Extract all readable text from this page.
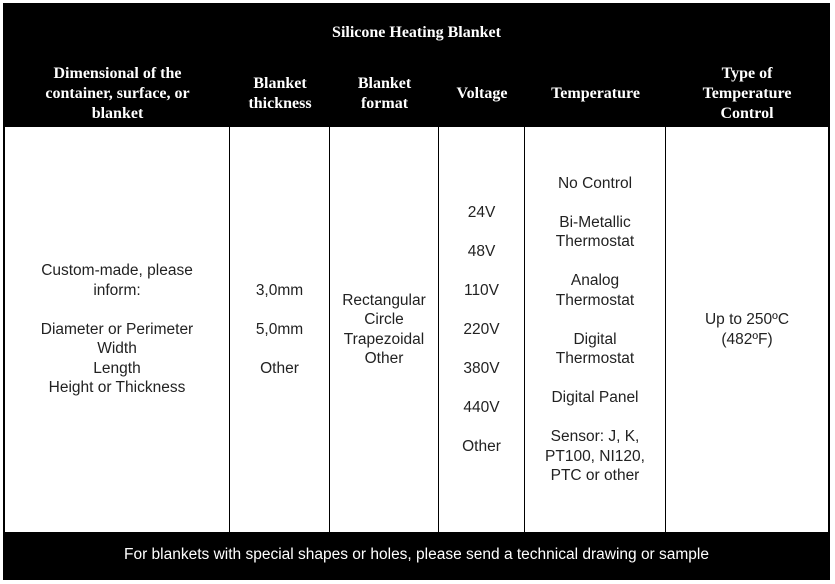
Silicone Heating Blanket
Dimensional of the
container, surface, or
blanket
Blanket
thickness
Blanket
format
Voltage	Temperature
Type of
Temperature
Control
Custom-made, please
inform:
Diameter or Perimeter
Width
Length
Height or Thickness
3,0mm
5,0mm
Other
Rectangular
Circle
Trapezoidal
Other
24V
48V
110V
220V
380V
440V
Other
No Control
Bi-Metallic
Thermostat
Analog
Thermostat
Digital
Thermostat
Digital Panel
Sensor: J, K,
PT100, NI120,
PTC or other
Up to 250ºC
(482ºF)
For blankets with special shapes or holes, please send a technical drawing or sample
